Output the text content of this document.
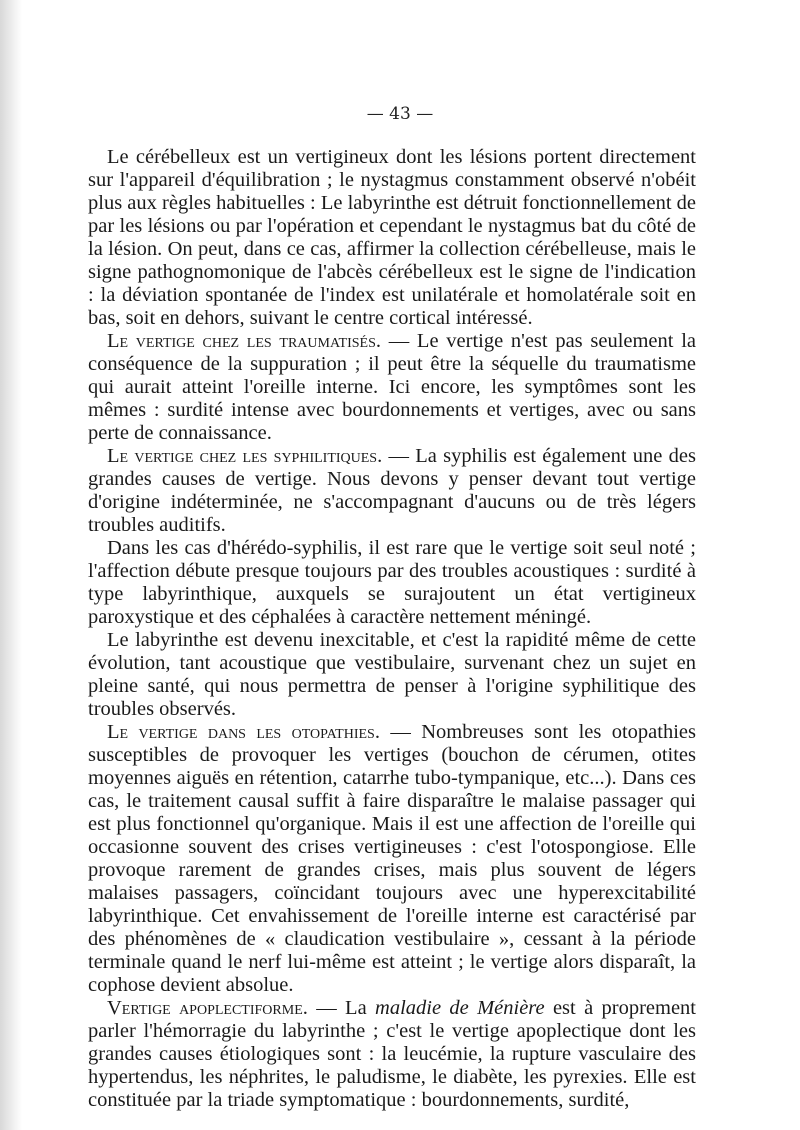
— 43 —

Le cérébelleux est un vertigineux dont les lésions portent directement sur l'appareil d'équilibration ; le nystagmus constamment observé n'obéit plus aux règles habituelles : Le labyrinthe est détruit fonctionnellement de par les lésions ou par l'opération et cependant le nystagmus bat du côté de la lésion. On peut, dans ce cas, affirmer la collection cérébelleuse, mais le signe pathognomonique de l'abcès cérébelleux est le signe de l'indication : la déviation spontanée de l'index est unilatérale et homolatérale soit en bas, soit en dehors, suivant le centre cortical intéressé.

Le vertige chez les traumatisés. — Le vertige n'est pas seulement la conséquence de la suppuration ; il peut être la séquelle du traumatisme qui aurait atteint l'oreille interne. Ici encore, les symptômes sont les mêmes : surdité intense avec bourdonnements et vertiges, avec ou sans perte de connaissance.

Le vertige chez les syphilitiques. — La syphilis est également une des grandes causes de vertige. Nous devons y penser devant tout vertige d'origine indéterminée, ne s'accompagnant d'aucuns ou de très légers troubles auditifs.

Dans les cas d'hérédo-syphilis, il est rare que le vertige soit seul noté ; l'affection débute presque toujours par des troubles acoustiques : surdité à type labyrinthique, auxquels se surajoutent un état vertigineux paroxystique et des céphalées à caractère nettement méningé.

Le labyrinthe est devenu inexcitable, et c'est la rapidité même de cette évolution, tant acoustique que vestibulaire, survenant chez un sujet en pleine santé, qui nous permettra de penser à l'origine syphilitique des troubles observés.

Le vertige dans les otopathies. — Nombreuses sont les otopathies susceptibles de provoquer les vertiges (bouchon de cérumen, otites moyennes aiguës en rétention, catarrhe tubo-tympanique, etc...). Dans ces cas, le traitement causal suffit à faire disparaître le malaise passager qui est plus fonctionnel qu'organique. Mais il est une affection de l'oreille qui occasionne souvent des crises vertigineuses : c'est l'otospongiose. Elle provoque rarement de grandes crises, mais plus souvent de légers malaises passagers, coïncidant toujours avec une hyperexcitabilité labyrinthique. Cet envahissement de l'oreille interne est caractérisé par des phénomènes de « claudication vestibulaire », cessant à la période terminale quand le nerf lui-même est atteint ; le vertige alors disparaît, la cophose devient absolue.

Vertige apoplectiforme. — La maladie de Ménière est à proprement parler l'hémorragie du labyrinthe ; c'est le vertige apoplectique dont les grandes causes étiologiques sont : la leucémie, la rupture vasculaire des hypertendus, les néphrites, le paludisme, le diabète, les pyrexies. Elle est constituée par la triade symptomatique : bourdonnements, surdité,
